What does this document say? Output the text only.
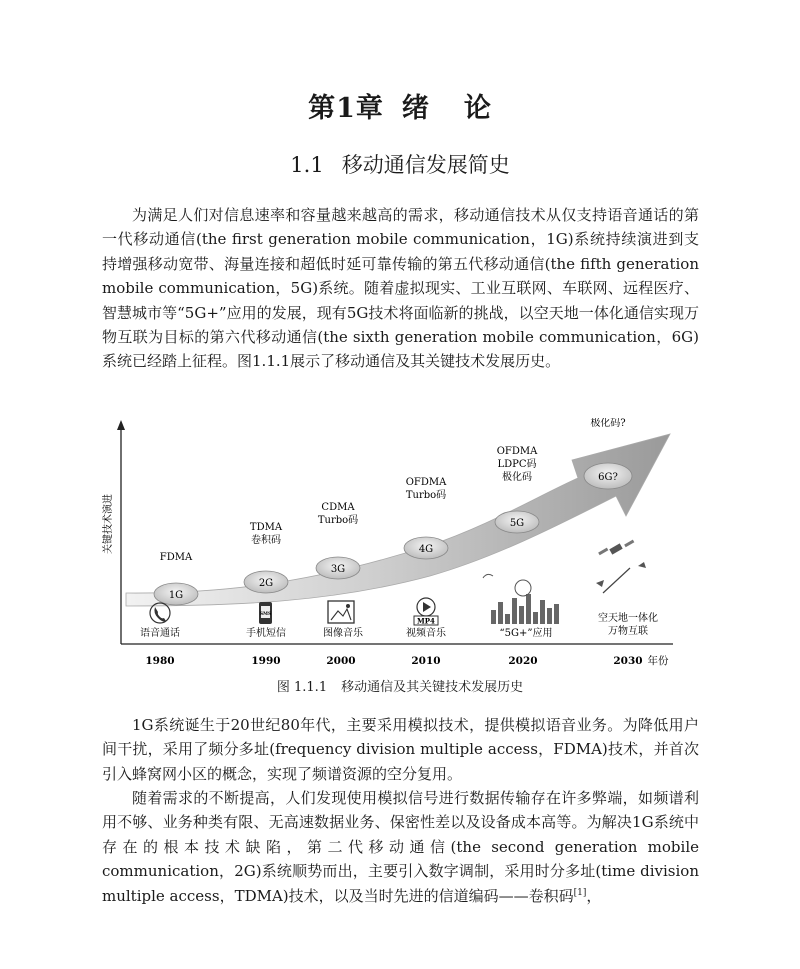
第1章 绪 论
1.1 移动通信发展简史

为满足人们对信息速率和容量越来越高的需求，移动通信技术从仅支持语音通话的第一代移动通信(the first generation mobile communication，1G)系统持续演进到支持增强移动宽带、海量连接和超低时延可靠传输的第五代移动通信(the fifth generation mobile communication，5G)系统。随着虚拟现实、工业互联网、车联网、远程医疗、智慧城市等“5G+”应用的发展，现有5G技术将面临新的挑战，以空天地一体化通信实现万物互联为目标的第六代移动通信(the sixth generation mobile communication，6G)系统已经踏上征程。图1.1.1展示了移动通信及其关键技术发展历史。

关键技术演进
1980	1990	2000	2010	2020	2030 年份
1G
2G
3G
4G
5G
6G?
FDMA
TDMA
卷积码
CDMA
Turbo码
OFDMA
Turbo码
OFDMA
LDPC码
极化码
极化码?
语音通话	手机短信	图像音乐	视频音乐	“5G+”应用
空天地一体化
万物互联
SMS
MP4
图 1.1.1 移动通信及其关键技术发展历史

1G系统诞生于20世纪80年代，主要采用模拟技术，提供模拟语音业务。为降低用户间干扰，采用了频分多址(frequency division multiple access，FDMA)技术，并首次引入蜂窝网小区的概念，实现了频谱资源的空分复用。

随着需求的不断提高，人们发现使用模拟信号进行数据传输存在许多弊端，如频谱利用不够、业务种类有限、无高速数据业务、保密性差以及设备成本高等。为解决1G系统中存在的根本技术缺陷，第二代移动通信(the second generation mobile communication，2G)系统顺势而出，主要引入数字调制，采用时分多址(time division multiple access，TDMA)技术，以及当时先进的信道编码——卷积码[1]，
